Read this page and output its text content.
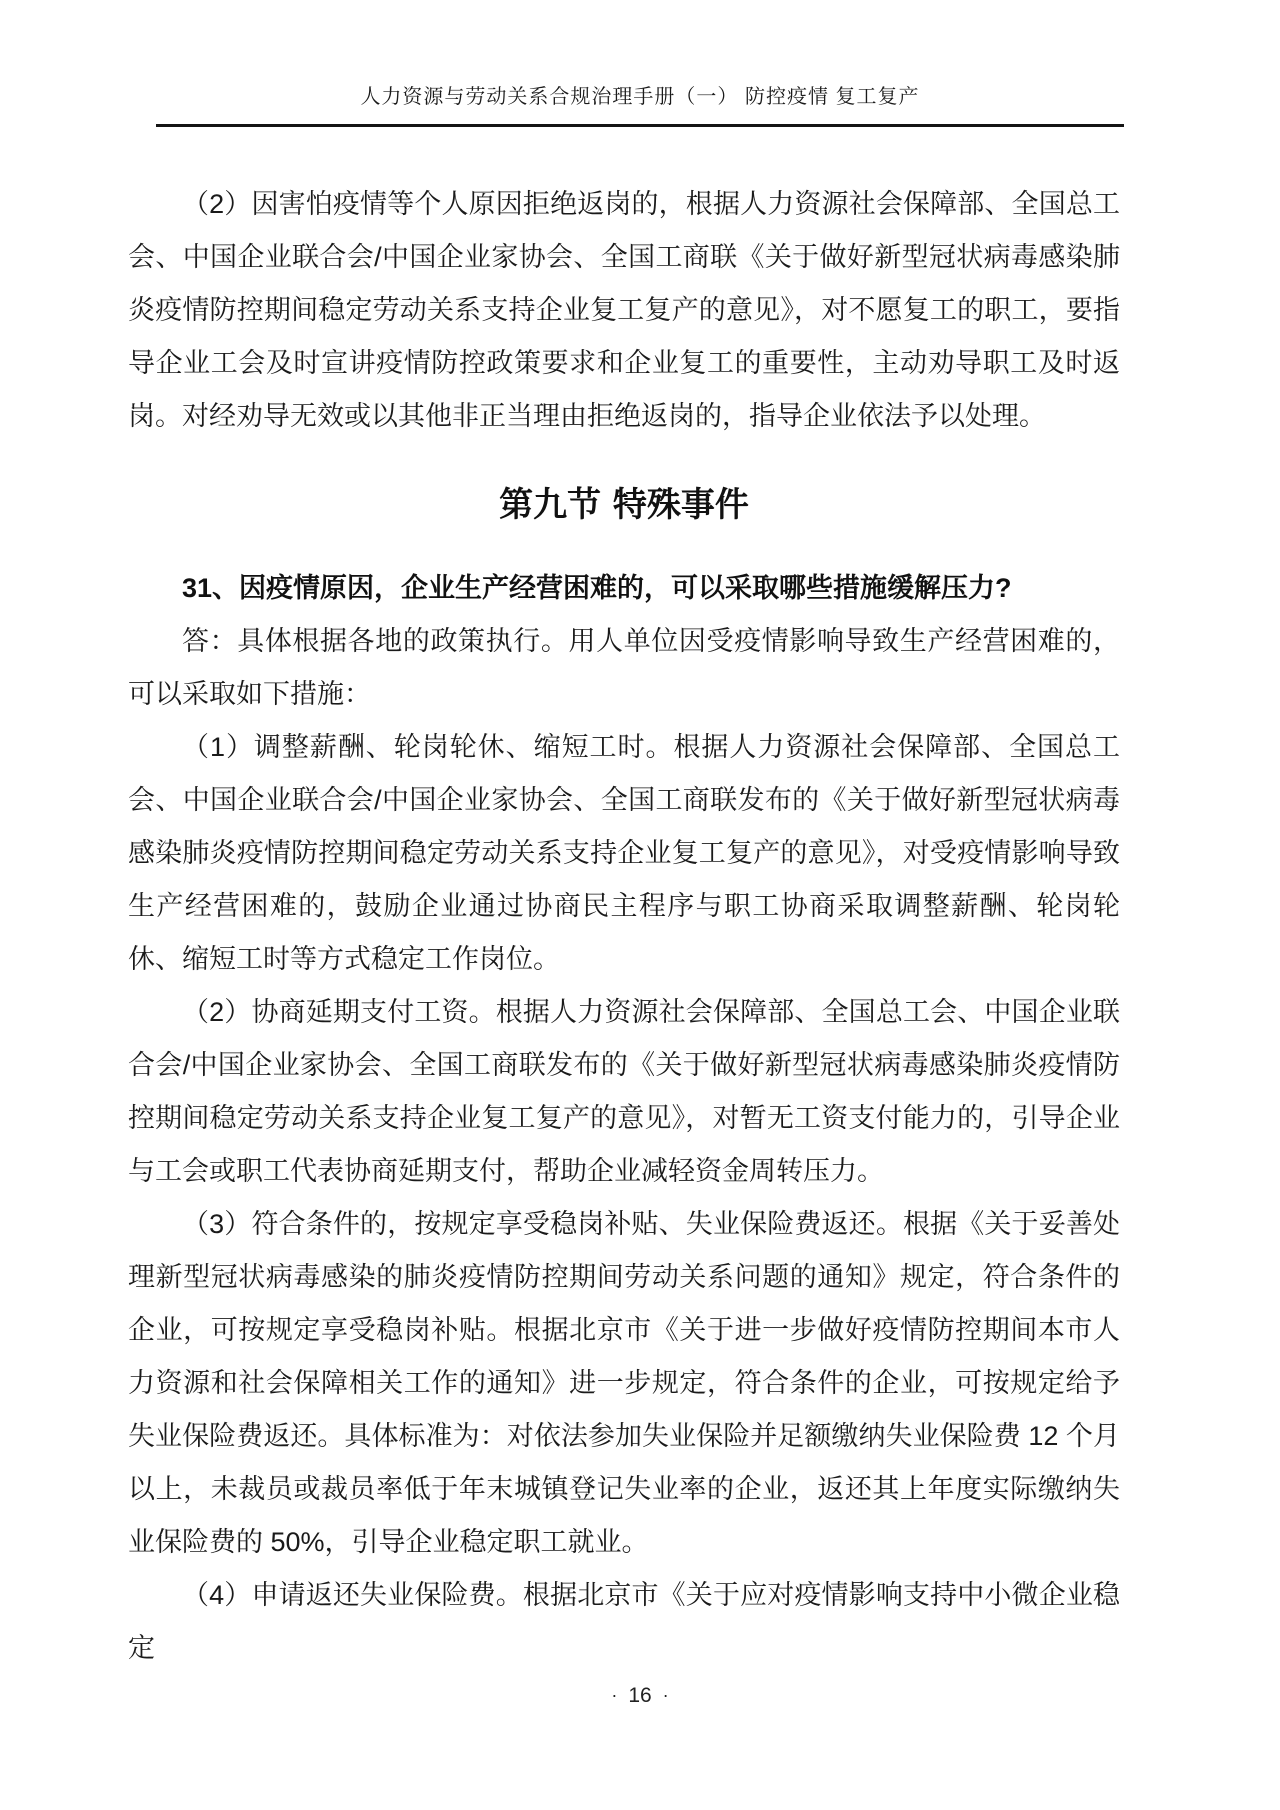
人力资源与劳动关系合规治理手册（一） 防控疫情 复工复产

（2）因害怕疫情等个人原因拒绝返岗的，根据人力资源社会保障部、全国总工会、中国企业联合会/中国企业家协会、全国工商联《关于做好新型冠状病毒感染肺炎疫情防控期间稳定劳动关系支持企业复工复产的意见》，对不愿复工的职工，要指导企业工会及时宣讲疫情防控政策要求和企业复工的重要性，主动劝导职工及时返岗。对经劝导无效或以其他非正当理由拒绝返岗的，指导企业依法予以处理。

第九节 特殊事件

31、因疫情原因，企业生产经营困难的，可以采取哪些措施缓解压力?

答：具体根据各地的政策执行。用人单位因受疫情影响导致生产经营困难的，可以采取如下措施：

（1）调整薪酬、轮岗轮休、缩短工时。根据人力资源社会保障部、全国总工会、中国企业联合会/中国企业家协会、全国工商联发布的《关于做好新型冠状病毒感染肺炎疫情防控期间稳定劳动关系支持企业复工复产的意见》，对受疫情影响导致生产经营困难的，鼓励企业通过协商民主程序与职工协商采取调整薪酬、轮岗轮休、缩短工时等方式稳定工作岗位。

（2）协商延期支付工资。根据人力资源社会保障部、全国总工会、中国企业联合会/中国企业家协会、全国工商联发布的《关于做好新型冠状病毒感染肺炎疫情防控期间稳定劳动关系支持企业复工复产的意见》，对暂无工资支付能力的，引导企业与工会或职工代表协商延期支付，帮助企业减轻资金周转压力。

（3）符合条件的，按规定享受稳岗补贴、失业保险费返还。根据《关于妥善处理新型冠状病毒感染的肺炎疫情防控期间劳动关系问题的通知》规定，符合条件的企业，可按规定享受稳岗补贴。根据北京市《关于进一步做好疫情防控期间本市人力资源和社会保障相关工作的通知》进一步规定，符合条件的企业，可按规定给予失业保险费返还。具体标准为：对依法参加失业保险并足额缴纳失业保险费 12 个月以上，未裁员或裁员率低于年末城镇登记失业率的企业，返还其上年度实际缴纳失业保险费的 50%，引导企业稳定职工就业。

（4）申请返还失业保险费。根据北京市《关于应对疫情影响支持中小微企业稳定

· 16 ·
